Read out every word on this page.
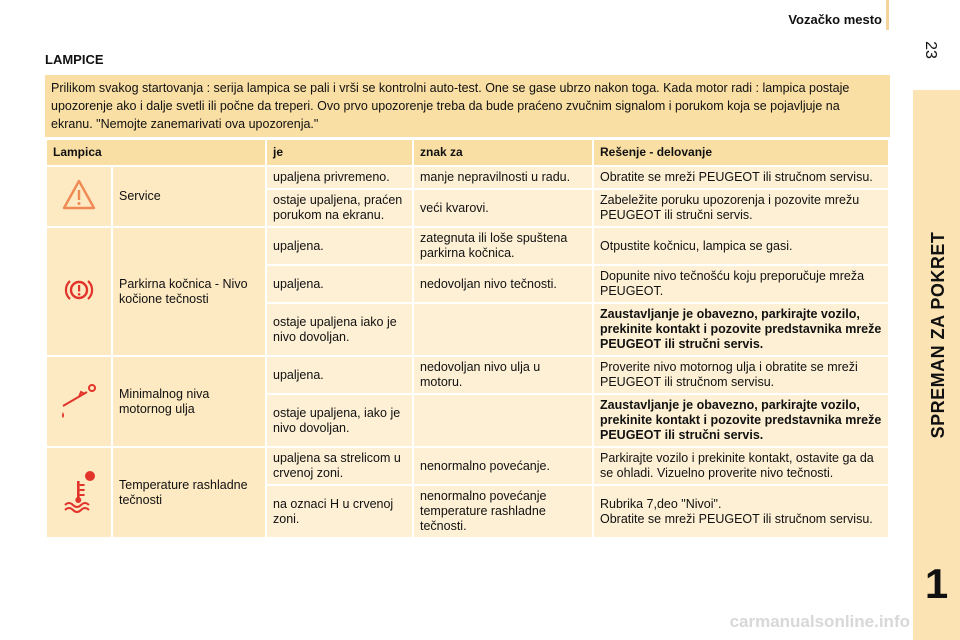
Vozačko mesto
23
SPREMAN ZA POKRET
1
LAMPICE
Prilikom svakog startovanja : serija lampica se pali i vrši se kontrolni auto-test. One se gase ubrzo nakon toga. Kada motor radi : lampica postaje upozorenje ako i dalje svetli ili počne da treperi. Ovo prvo upozorenje treba da bude praćeno zvučnim signalom i porukom koja se pojavljuje na ekranu. "Nemojte zanemarivati ova upozorenja."
Lampica		je	znak za	Rešenje - delovanje
	Service	upaljena privremeno.	manje nepravilnosti u radu.	Obratite se mreži PEUGEOT ili stručnom servisu.
		ostaje upaljena, praćen porukom na ekranu.	veći kvarovi.	Zabeležite poruku upozorenja i pozovite mrežu PEUGEOT ili stručni servis.
	Parkirna kočnica - Nivo kočione tečnosti	upaljena.	zategnuta ili loše spuštena parkirna kočnica.	Otpustite kočnicu, lampica se gasi.
		upaljena.	nedovoljan nivo tečnosti.	Dopunite nivo tečnošću koju preporučuje mreža PEUGEOT.
		ostaje upaljena iako je nivo dovoljan.		Zaustavljanje je obavezno, parkirajte vozilo, prekinite kontakt i pozovite predstavnika mreže PEUGEOT ili stručni servis.
	Minimalnog niva motornog ulja	upaljena.	nedovoljan nivo ulja u motoru.	Proverite nivo motornog ulja i obratite se mreži PEUGEOT ili stručnom servisu.
		ostaje upaljena, iako je nivo dovoljan.		Zaustavljanje je obavezno, parkirajte vozilo, prekinite kontakt i pozovite predstavnika mreže PEUGEOT ili stručni servis.
	Temperature rashladne tečnosti	upaljena sa strelicom u crvenoj zoni.	nenormalno povećanje.	Parkirajte vozilo i prekinite kontakt, ostavite ga da se ohladi. Vizuelno proverite nivo tečnosti.
		na oznaci H u crvenoj zoni.	nenormalno povećanje temperature rashladne tečnosti.	Rubrika 7,deo "Nivoi".
Obratite se mreži PEUGEOT ili stručnom servisu.
carmanualsonline.info
